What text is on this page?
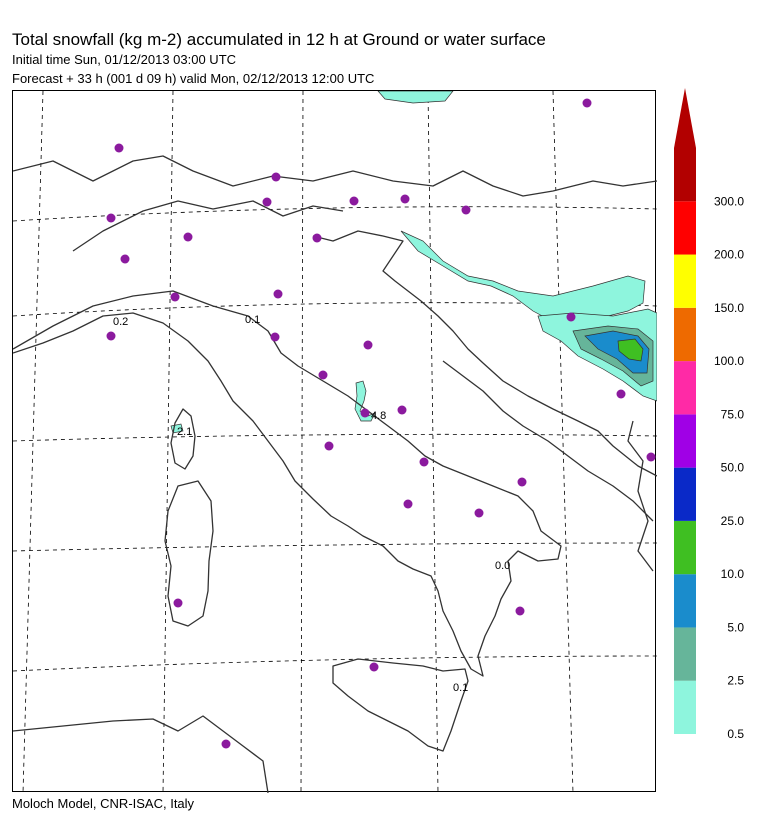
Total snowfall (kg m-2) accumulated in 12 h at Ground or water surface
Initial time Sun, 01/12/2013 03:00 UTC
Forecast + 33 h (001 d 09 h) valid Mon, 02/12/2013 12:00 UTC
0.2	0.1
2.1
4.8
0.0
0.1
0.5
2.5
5.0
10.0
25.0
50.0
75.0
100.0
150.0
200.0
300.0
Moloch Model, CNR-ISAC, Italy
